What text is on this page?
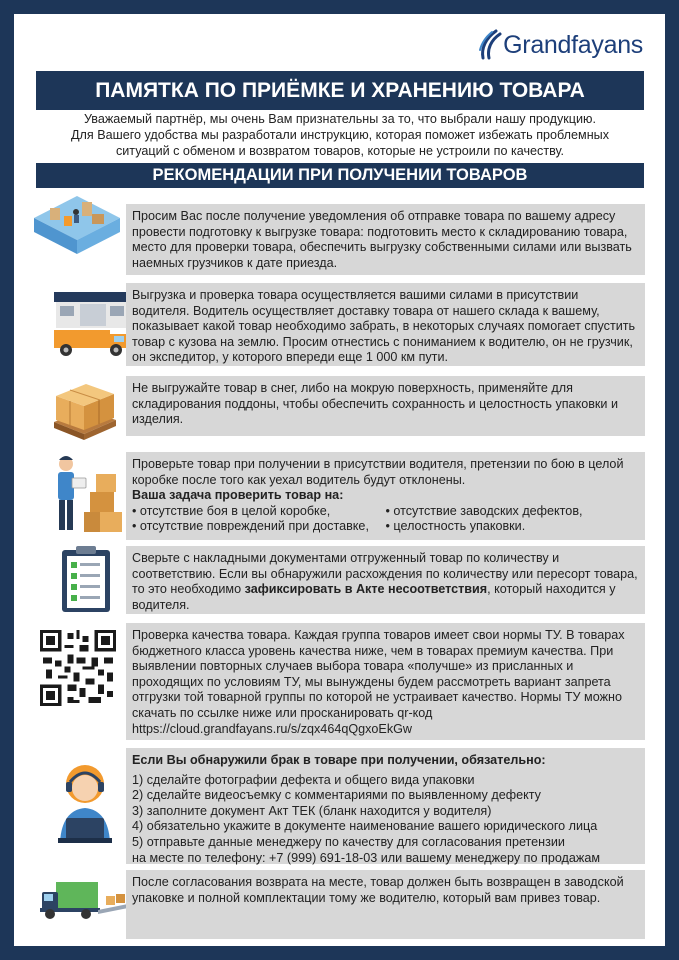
Grandfayans
ПАМЯТКА ПО ПРИЁМКЕ И ХРАНЕНИЮ ТОВАРА
Уважаемый партнёр, мы очень Вам признательны за то, что выбрали нашу продукцию.
Для Вашего удобства мы разработали инструкцию, которая поможет избежать проблемных
ситуаций с обменом и возвратом товаров, которые не устроили по качеству.
РЕКОМЕНДАЦИИ ПРИ ПОЛУЧЕНИИ ТОВАРОВ
Просим Вас после получение уведомления об отправке товара по вашему адресу провести подготовку к выгрузке товара: подготовить место к складированию товара, место для проверки товара, обеспечить выгрузку собственными силами или вызвать наемных грузчиков к дате приезда.
Выгрузка и проверка товара осуществляется вашими силами в присутствии водителя. Водитель осуществляет доставку товара от нашего склада к вашему, показывает какой товар необходимо забрать, в некоторых случаях помогает спустить товар с кузова на землю. Просим отнестись с пониманием к водителю, он не грузчик, он экспедитор, у которого впереди еще 1 000 км пути.
Не выгружайте товар в снег, либо на мокрую поверхность, применяйте для складирования поддоны, чтобы обеспечить сохранность и целостность упаковки и изделия.
Проверьте товар при получении в присутствии водителя, претензии по бою в целой коробке после того как уехал водитель будут отклонены.
Ваша задача проверить товар на:
• отсутствие боя в целой коробке,	• отсутствие заводских дефектов,
• отсутствие повреждений при доставке,	• целостность упаковки.
Сверьте с накладными документами отгруженный товар по количеству и соответствию. Если вы обнаружили расхождения по количеству или пересорт товара, то это необходимо зафиксировать в Акте несоответствия, который находится у водителя.
Проверка качества товара. Каждая группа товаров имеет свои нормы ТУ. В товарах бюджетного класса уровень качества ниже, чем в товарах премиум качества. При выявлении повторных случаев выбора товара «получше» из присланных и проходящих по условиям ТУ, мы вынуждены будем рассмотреть вариант запрета отгрузки той товарной группы по которой не устраивает качество. Нормы ТУ можно скачать по ссылке ниже или просканировать qr-код
https://cloud.grandfayans.ru/s/zqx464qQgxoEkGw
Если Вы обнаружили брак в товаре при получении, обязательно:
1) сделайте фотографии дефекта и общего вида упаковки
2) сделайте видеосъемку с комментариями по выявленному дефекту
3) заполните документ Акт ТЕК (бланк находится у водителя)
4) обязательно укажите в документе наименование вашего юридического лица
5) отправьте данные менеджеру по качеству для согласования претензии
на месте по телефону: +7 (999) 691-18-03 или вашему менеджеру по продажам
После согласования возврата на месте, товар должен быть возвращен в заводской упаковке и полной комплектации тому же водителю, который вам привез товар.
